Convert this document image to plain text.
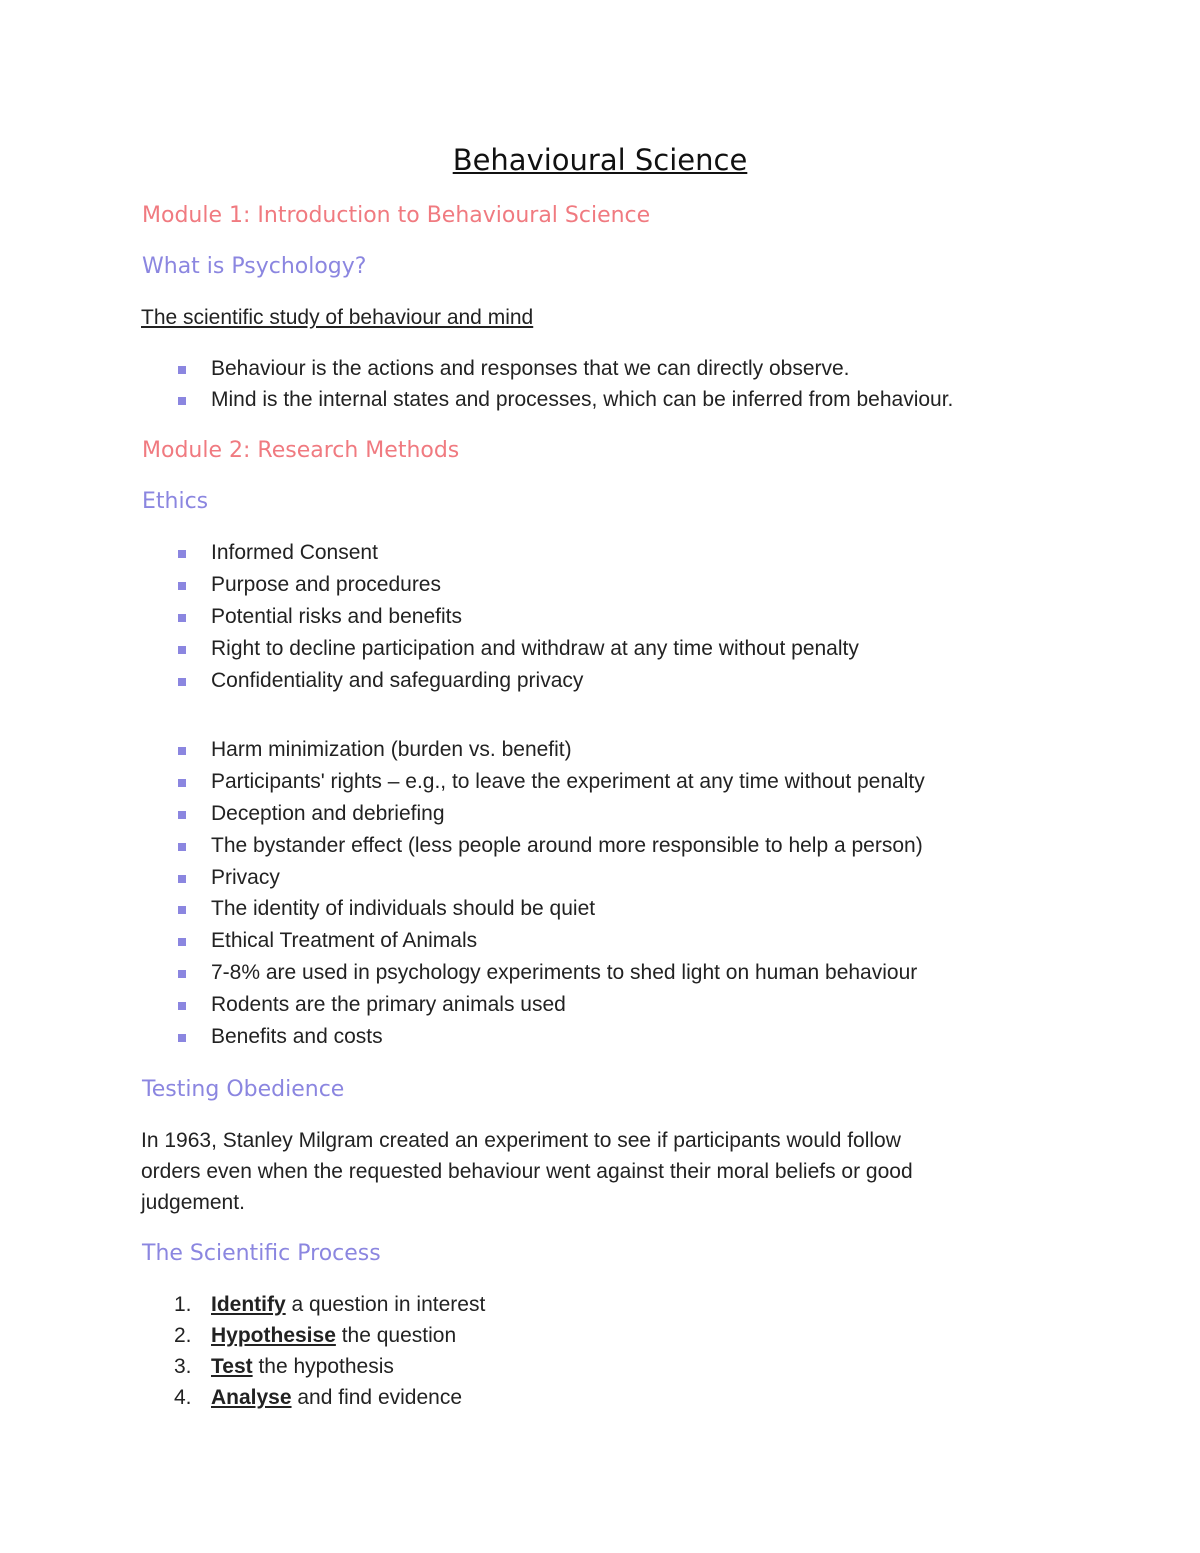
Behavioural Science
Module 1: Introduction to Behavioural Science
What is Psychology?
The scientific study of behaviour and mind
Behaviour is the actions and responses that we can directly observe.
Mind is the internal states and processes, which can be inferred from behaviour.
Module 2: Research Methods
Ethics
Informed Consent
Purpose and procedures
Potential risks and benefits
Right to decline participation and withdraw at any time without penalty
Confidentiality and safeguarding privacy
Harm minimization (burden vs. benefit)
Participants' rights – e.g., to leave the experiment at any time without penalty
Deception and debriefing
The bystander effect (less people around more responsible to help a person)
Privacy
The identity of individuals should be quiet
Ethical Treatment of Animals
7-8% are used in psychology experiments to shed light on human behaviour
Rodents are the primary animals used
Benefits and costs
Testing Obedience
In 1963, Stanley Milgram created an experiment to see if participants would follow
orders even when the requested behaviour went against their moral beliefs or good
judgement.
The Scientific Process
1. Identify a question in interest
2. Hypothesise the question
3. Test the hypothesis
4. Analyse and find evidence
